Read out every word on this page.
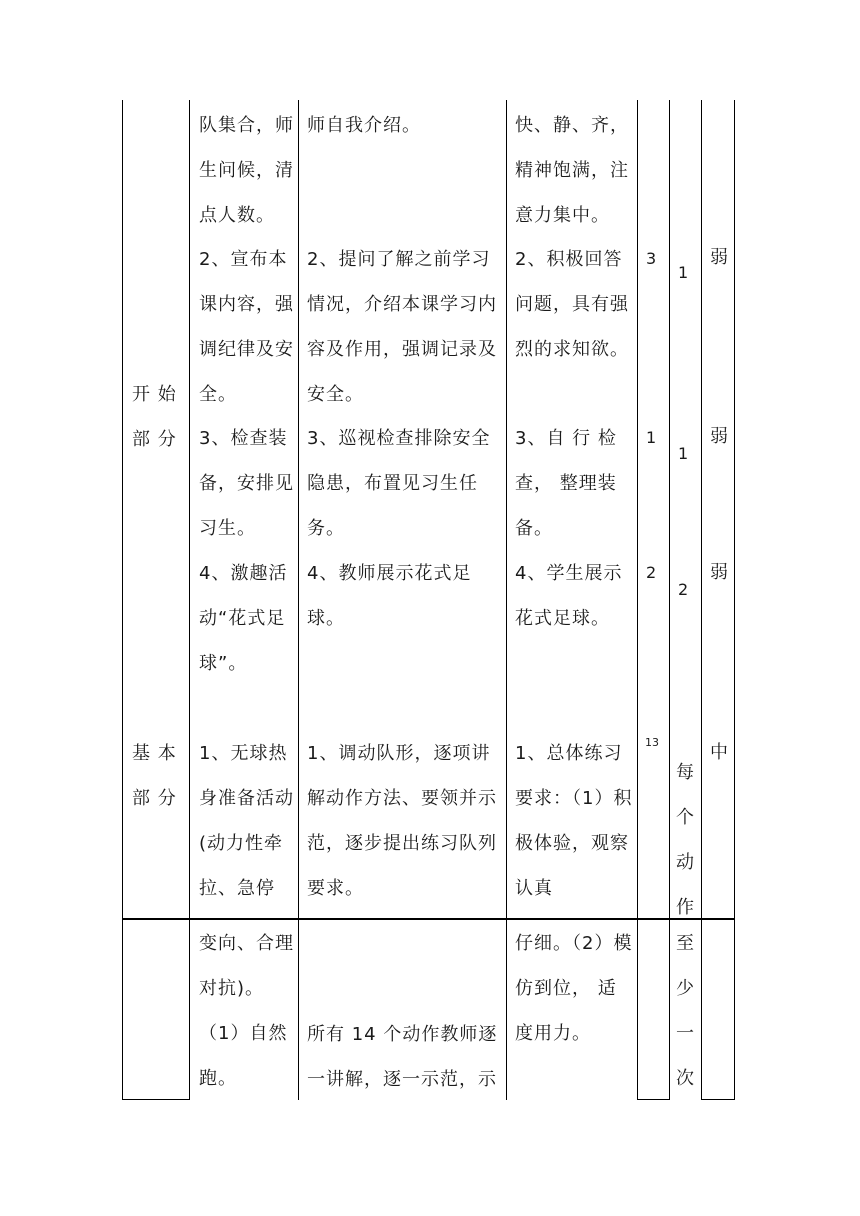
开 始
部 分
基 本
部 分
队集合，师生问候，清点人数。
师自我介绍。	快、静、齐，精神饱满，注意力集中。
2、宣布本课内容，强调纪律及安全。
2、提问了解之前学习情况，介绍本课学习内容及作用，强调记录及安全。
2、积极回答问题，具有强烈的求知欲。
3
1
弱
3、检查装备，安排见习生。
3、巡视检查排除安全隐患，布置见习生任务。
3、自 行 检查， 整理装备。
1
1
弱
4、激趣活动“花式足球”。
4、教师展示花式足球。
4、学生展示花式足球。
2
2
弱
1、无球热身准备活动(动力性牵拉、急停
1、调动队形，逐项讲解动作方法、要领并示范，逐步提出练习队列要求。
1、总体练习要求：（1）积极体验，观察认真
13
每个动作
中
变向、合理对抗)。（1）自然跑。
所有 14 个动作教师逐一讲解，逐一示范，示
仔细。（2）模仿到位， 适度用力。
至少一次
